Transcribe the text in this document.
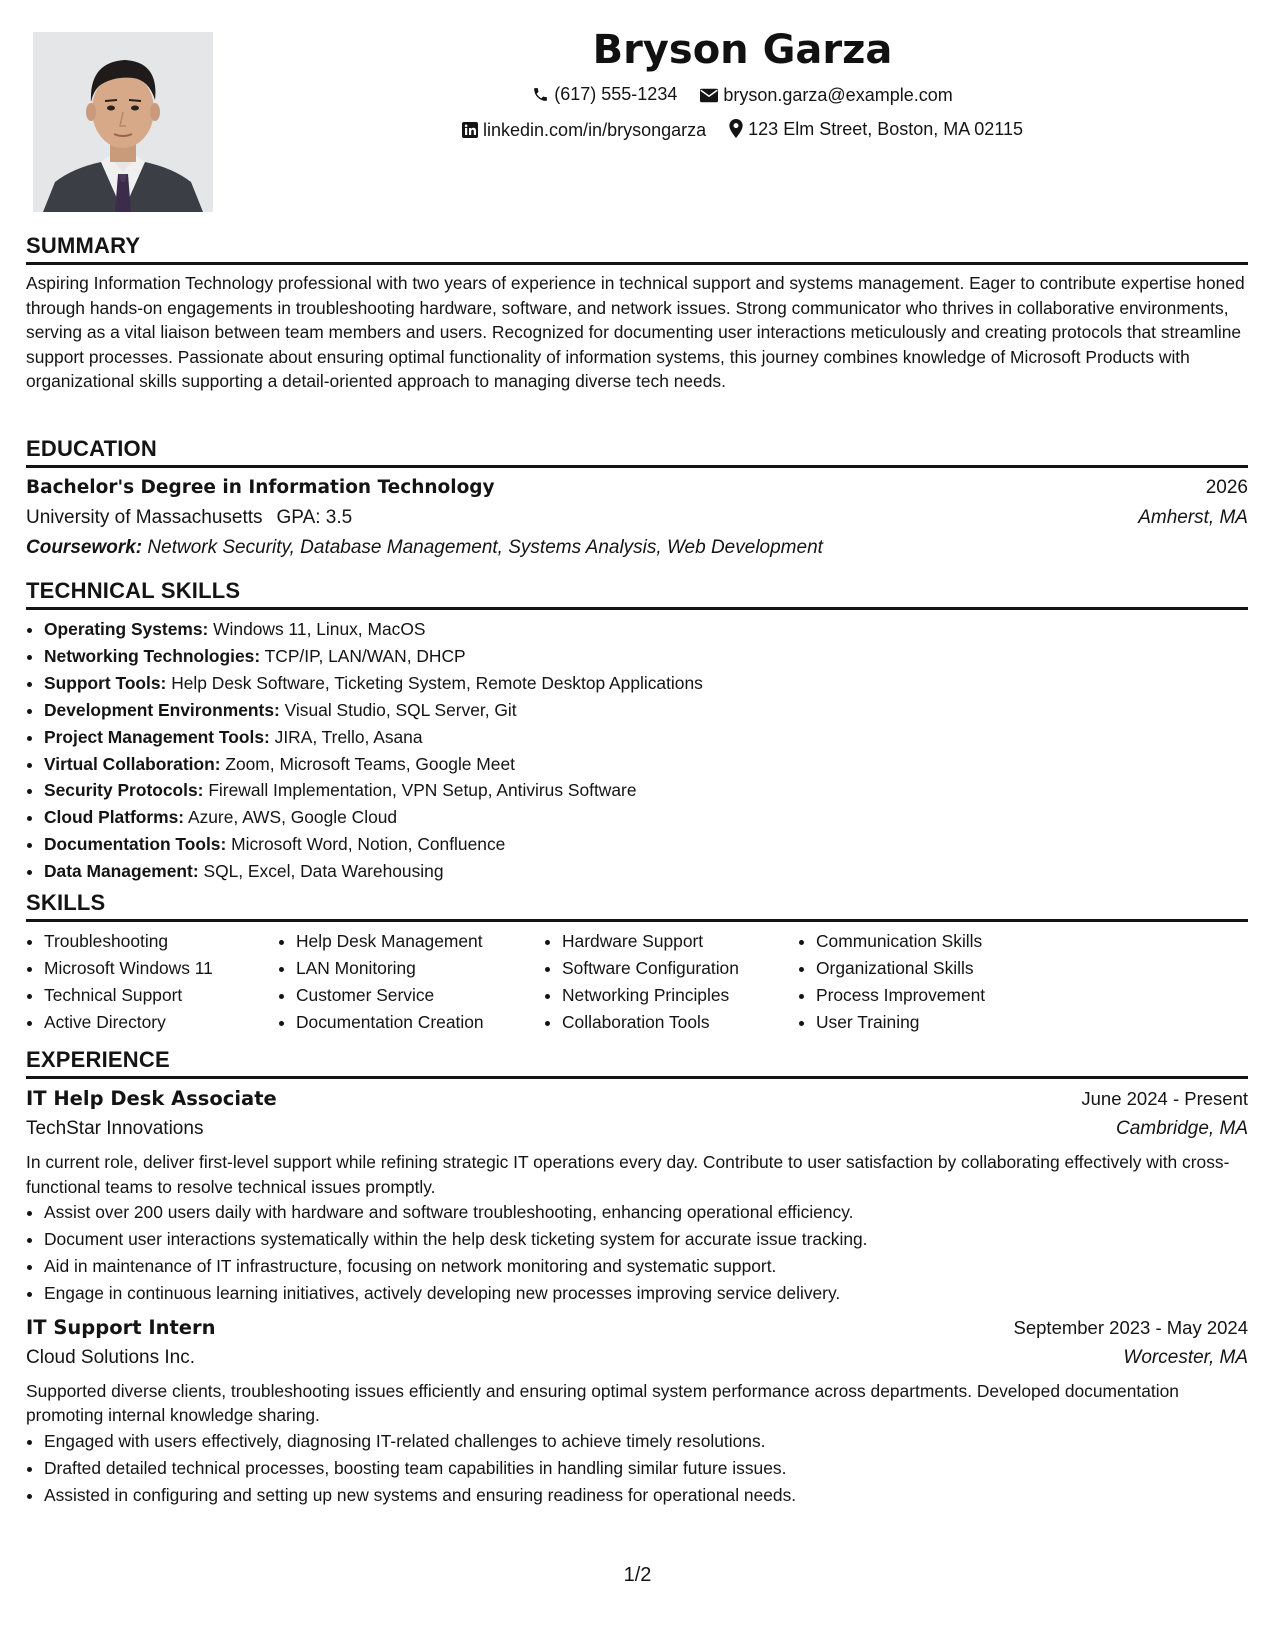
Bryson Garza
(617) 555-1234
	bryson.garza@example.com
linkedin.com/in/brysongarza
123 Elm Street, Boston, MA 02115
SUMMARY

Aspiring Information Technology professional with two years of experience in technical support and systems management. Eager to contribute expertise honed through hands-on engagements in troubleshooting hardware, software, and network issues. Strong communicator who thrives in collaborative environments, serving as a vital liaison between team members and users. Recognized for documenting user interactions meticulously and creating protocols that streamline support processes. Passionate about ensuring optimal functionality of information systems, this journey combines knowledge of Microsoft Products with organizational skills supporting a detail-oriented approach to managing diverse tech needs.

EDUCATION
Bachelor's Degree in Information Technology	2026
University of Massachusetts GPA: 3.5	Amherst, MA
Coursework: Network Security, Database Management, Systems Analysis, Web Development
TECHNICAL SKILLS
• Operating Systems: Windows 11, Linux, MacOS
• Networking Technologies: TCP/IP, LAN/WAN, DHCP
• Support Tools: Help Desk Software, Ticketing System, Remote Desktop Applications
• Development Environments: Visual Studio, SQL Server, Git
• Project Management Tools: JIRA, Trello, Asana
• Virtual Collaboration: Zoom, Microsoft Teams, Google Meet
• Security Protocols: Firewall Implementation, VPN Setup, Antivirus Software
• Cloud Platforms: Azure, AWS, Google Cloud
• Documentation Tools: Microsoft Word, Notion, Confluence
• Data Management: SQL, Excel, Data Warehousing
SKILLS
• Troubleshooting
• Microsoft Windows 11
• Technical Support
• Active Directory
• Help Desk Management
• LAN Monitoring
• Customer Service
• Documentation Creation
• Hardware Support
• Software Configuration
• Networking Principles
• Collaboration Tools
• Communication Skills
• Organizational Skills
• Process Improvement
• User Training
EXPERIENCE
IT Help Desk Associate	June 2024 - Present
TechStar Innovations	Cambridge, MA

In current role, deliver first-level support while refining strategic IT operations every day. Contribute to user satisfaction by collaborating effectively with cross-functional teams to resolve technical issues promptly.

• Assist over 200 users daily with hardware and software troubleshooting, enhancing operational efficiency.
• Document user interactions systematically within the help desk ticketing system for accurate issue tracking.
• Aid in maintenance of IT infrastructure, focusing on network monitoring and systematic support.
• Engage in continuous learning initiatives, actively developing new processes improving service delivery.
IT Support Intern	September 2023 - May 2024
Cloud Solutions Inc.	Worcester, MA

Supported diverse clients, troubleshooting issues efficiently and ensuring optimal system performance across departments. Developed documentation promoting internal knowledge sharing.

• Engaged with users effectively, diagnosing IT-related challenges to achieve timely resolutions.
• Drafted detailed technical processes, boosting team capabilities in handling similar future issues.
• Assisted in configuring and setting up new systems and ensuring readiness for operational needs.
1/2
